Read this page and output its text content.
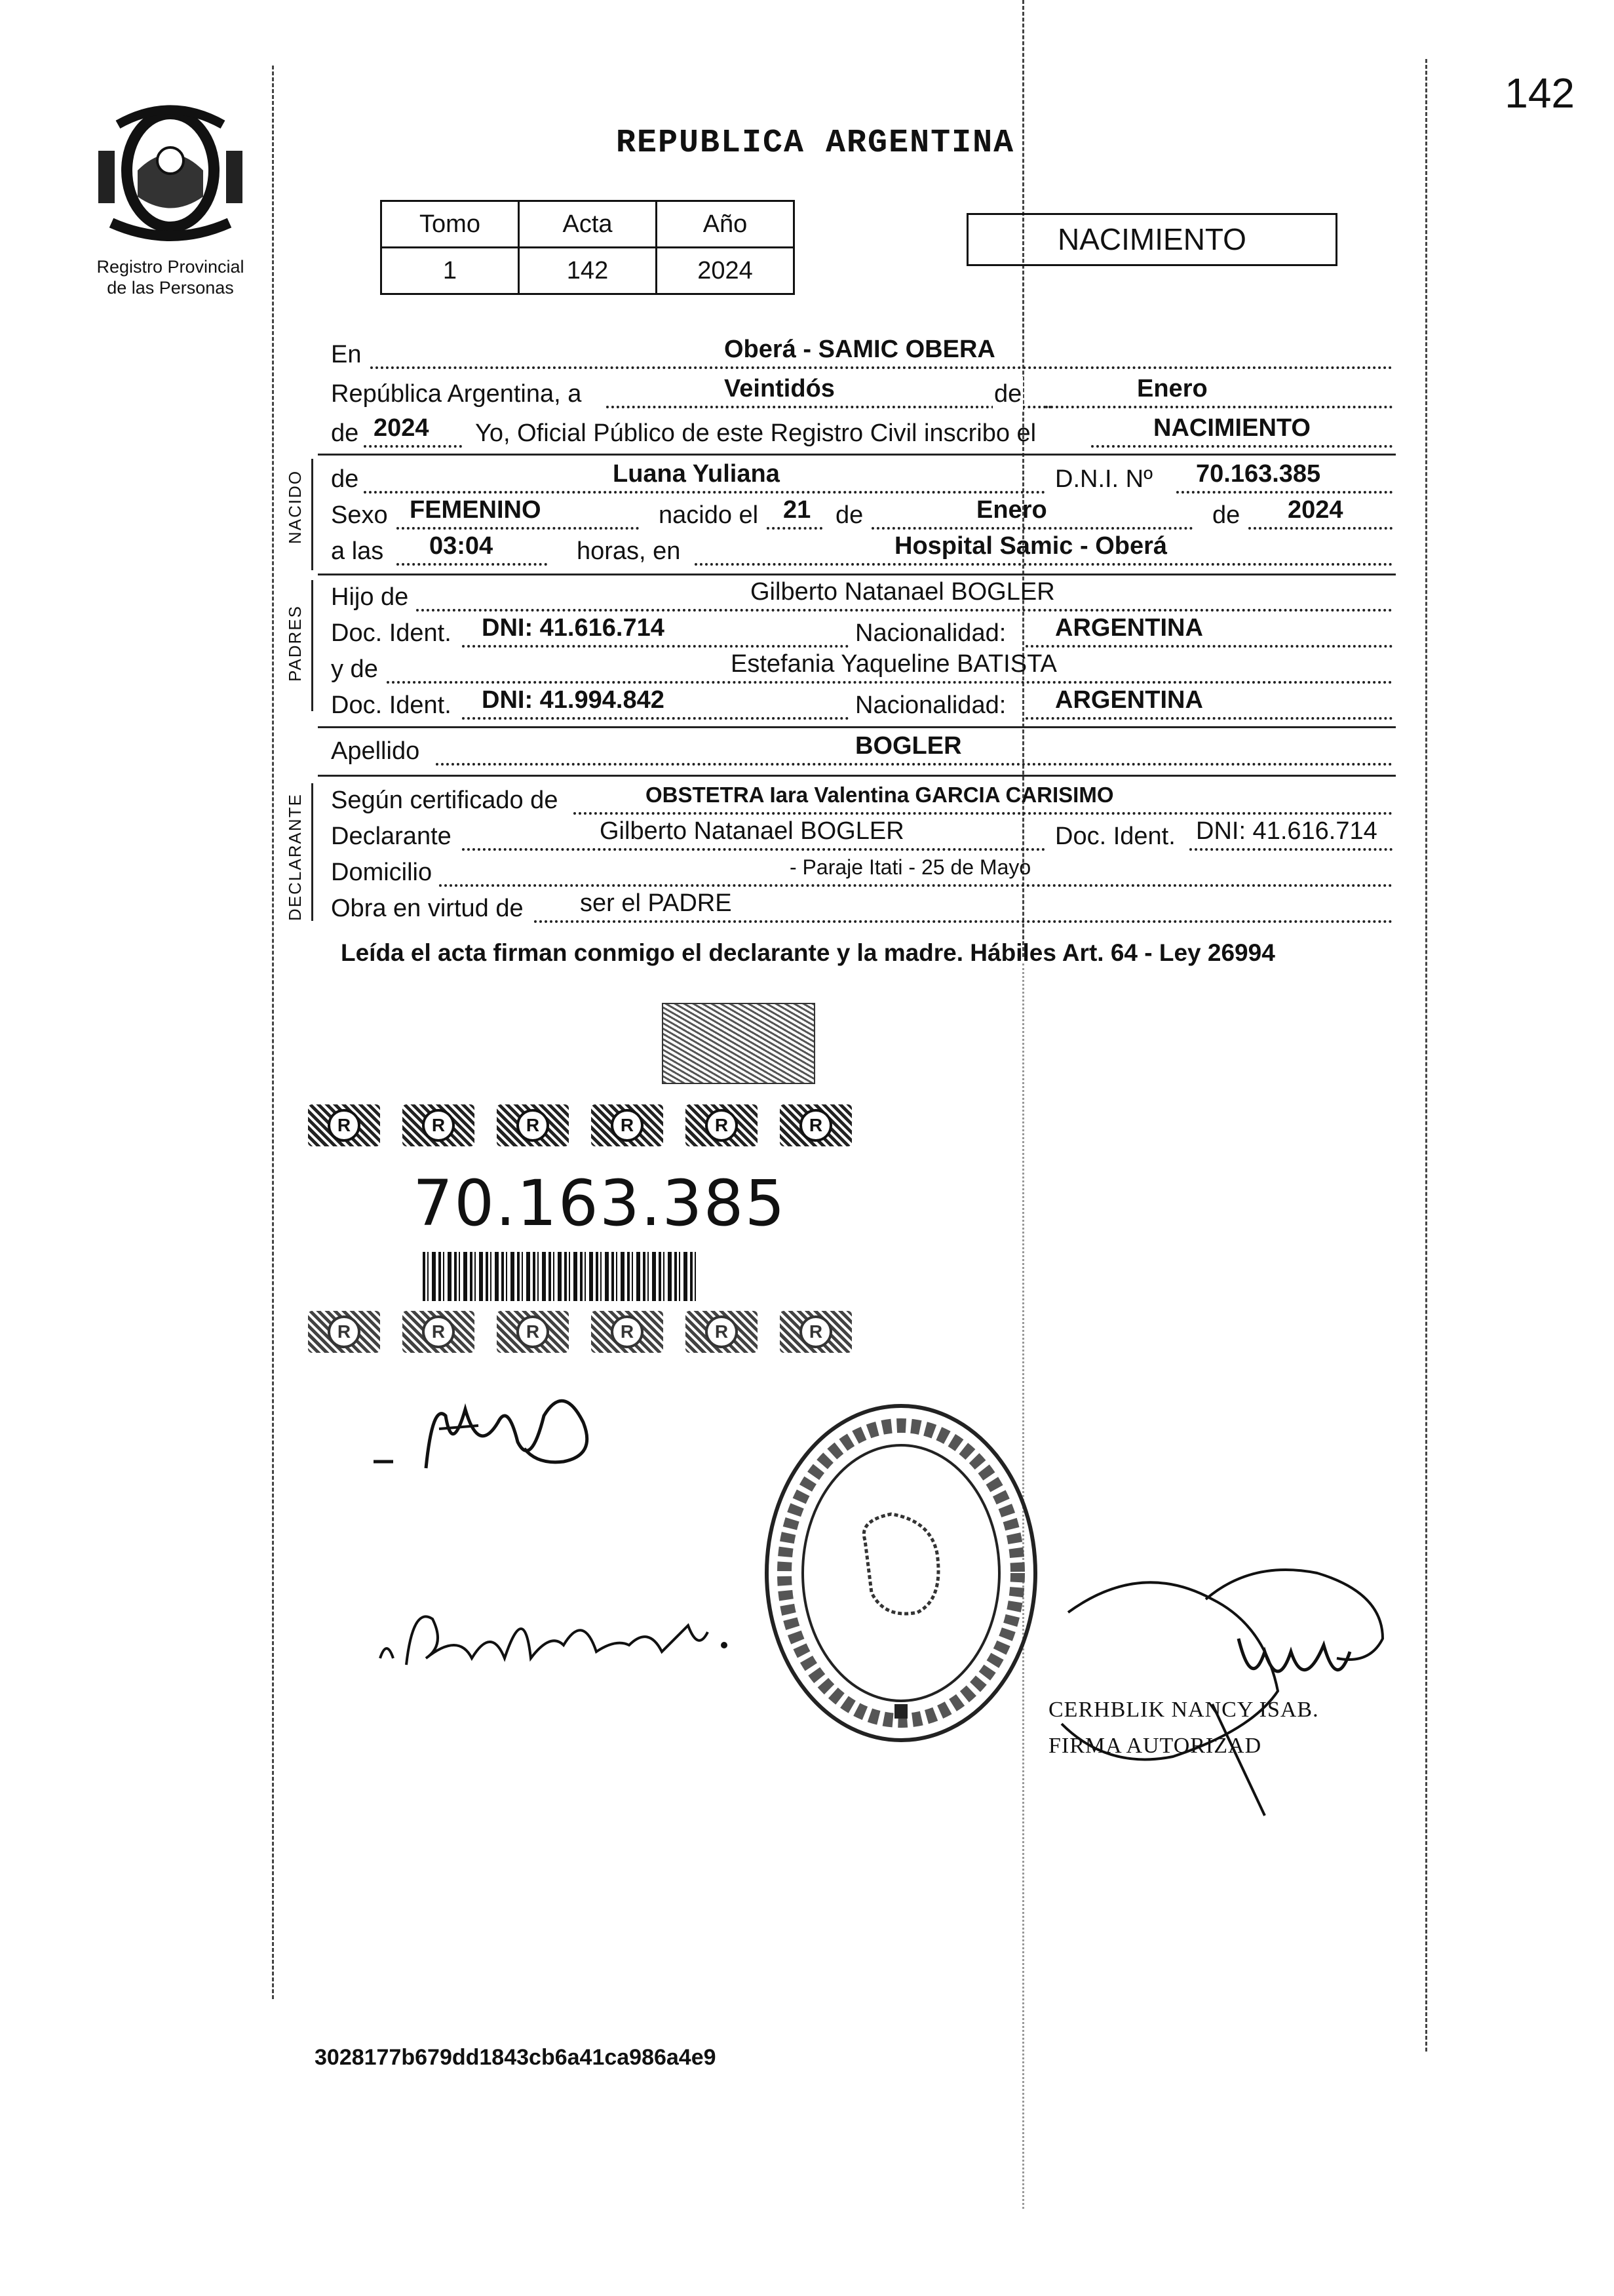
Registro Provincial
de las Personas
142
REPUBLICA ARGENTINA
Tomo	Acta	Año
1	142	2024
NACIMIENTO
En	Oberá - SAMIC OBERA
República Argentina, a	Veintidós	de	Enero
de 2024 Yo, Oficial Público de este Registro Civil inscribo el	NACIMIENTO
NACIDO de	Luana Yuliana	D.N.I. Nº 70.163.385
Sexo FEMENINO	nacido el 21 de	Enero	de 2024
a las 03:04	horas, en	Hospital Samic - Oberá
PADRES
Hijo de	Gilberto Natanael BOGLER
Doc. Ident. DNI: 41.616.714	Nacionalidad: ARGENTINA
y de	Estefania Yaqueline BATISTA
Doc. Ident. DNI: 41.994.842	Nacionalidad: ARGENTINA
Apellido	BOGLER
DECLARANTE Según certificado de	OBSTETRA Iara Valentina GARCIA CARISIMO
Declarante	Gilberto Natanael BOGLER	Doc. Ident. DNI: 41.616.714
Domicilio	- Paraje Itati - 25 de Mayo
Obra en virtud de ser el PADRE
Leída el acta firman conmigo el declarante y la madre. Hábiles Art. 64 - Ley 26994
R	R	R	R	R	R
70.163.385
R	R	R	R	R	R
CERHBLIK NANCY ISAB.
FIRMA AUTORIZAD
3028177b679dd1843cb6a41ca986a4e9
